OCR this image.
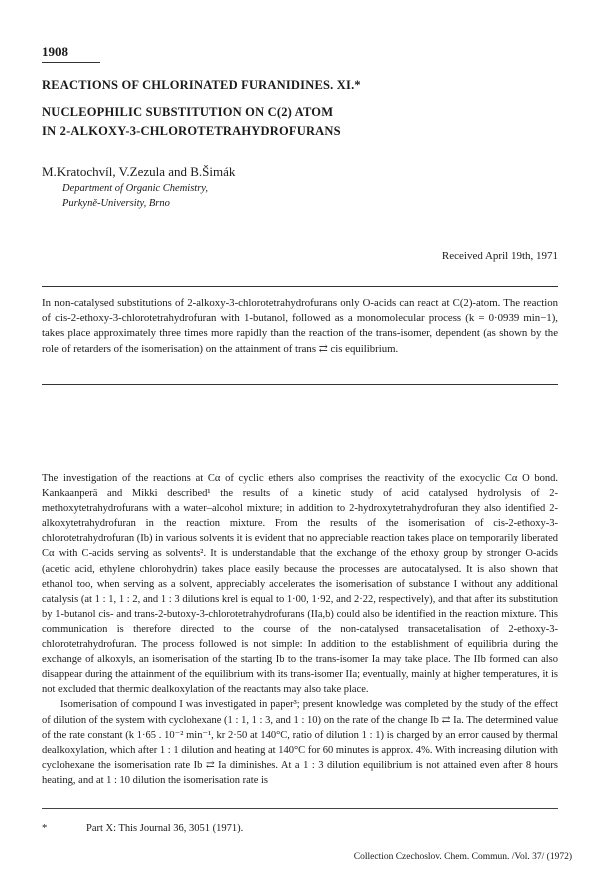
1908
REACTIONS OF CHLORINATED FURANIDINES. XI.*
NUCLEOPHILIC SUBSTITUTION ON C(2) ATOM
IN 2-ALKOXY-3-CHLOROTETRAHYDROFURANS
M.Kratochvíl, V.Zezula and B.Šimák
Department of Organic Chemistry,
Purkyně-University, Brno
Received April 19th, 1971
In non-catalysed substitutions of 2-alkoxy-3-chlorotetrahydrofurans only O-acids can react at C(2)-atom. The reaction of cis-2-ethoxy-3-chlorotetrahydrofuran with 1-butanol, followed as a monomolecular process (k = 0·0939 min−1), takes place approximately three times more rapidly than the reaction of the trans-isomer, dependent (as shown by the role of retarders of the isomerisation) on the attainment of trans ⇄ cis equilibrium.

The investigation of the reactions at Cα of cyclic ethers also comprises the reactivity of the exocyclic Cα O bond. Kankaanperä and Mikki described¹ the results of a kinetic study of acid catalysed hydrolysis of 2-methoxytetrahydrofurans with a water–alcohol mixture; in addition to 2-hydroxytetrahydrofuran they also identified 2-alkoxytetrahydrofuran in the reaction mixture. From the results of the isomerisation of cis-2-ethoxy-3-chlorotetrahydrofuran (Ib) in various solvents it is evident that no appreciable reaction takes place on temporarily liberated Cα with C-acids serving as solvents². It is understandable that the exchange of the ethoxy group by stronger O-acids (acetic acid, ethylene chlorohydrin) takes place easily because the processes are autocatalysed. It is also shown that ethanol too, when serving as a solvent, appreciably accelerates the isomerisation of substance I without any additional catalysis (at 1 : 1, 1 : 2, and 1 : 3 dilutions krel is equal to 1·00, 1·92, and 2·22, respectively), and that after its substitution by 1-butanol cis- and trans-2-butoxy-3-chlorotetrahydrofurans (IIa,b) could also be identified in the reaction mixture. This communication is therefore directed to the course of the non-catalysed transacetalisation of 2-ethoxy-3-chlorotetrahydrofuran. The process followed is not simple: In addition to the establishment of equilibria during the exchange of alkoxyls, an isomerisation of the starting Ib to the trans-isomer Ia may take place. The IIb formed can also disappear during the attainment of the equilibrium with its trans-isomer IIa; eventually, mainly at higher temperatures, it is not excluded that thermic dealkoxylation of the reactants may also take place.

Isomerisation of compound I was investigated in paper³; present knowledge was completed by the study of the effect of dilution of the system with cyclohexane (1 : 1, 1 : 3, and 1 : 10) on the rate of the change Ib ⇄ Ia. The determined value of the rate constant (k 1·65 . 10⁻² min⁻¹, kr 2·50 at 140°C, ratio of dilution 1 : 1) is charged by an error caused by thermal dealkoxylation, which after 1 : 1 dilution and heating at 140°C for 60 minutes is approx. 4%. With increasing dilution with cyclohexane the isomerisation rate Ib ⇄ Ia diminishes. At a 1 : 3 dilution equilibrium is not attained even after 8 hours heating, and at 1 : 10 dilution the isomerisation rate is

*	Part X: This Journal 36, 3051 (1971).
Collection Czechoslov. Chem. Commun. /Vol. 37/ (1972)
